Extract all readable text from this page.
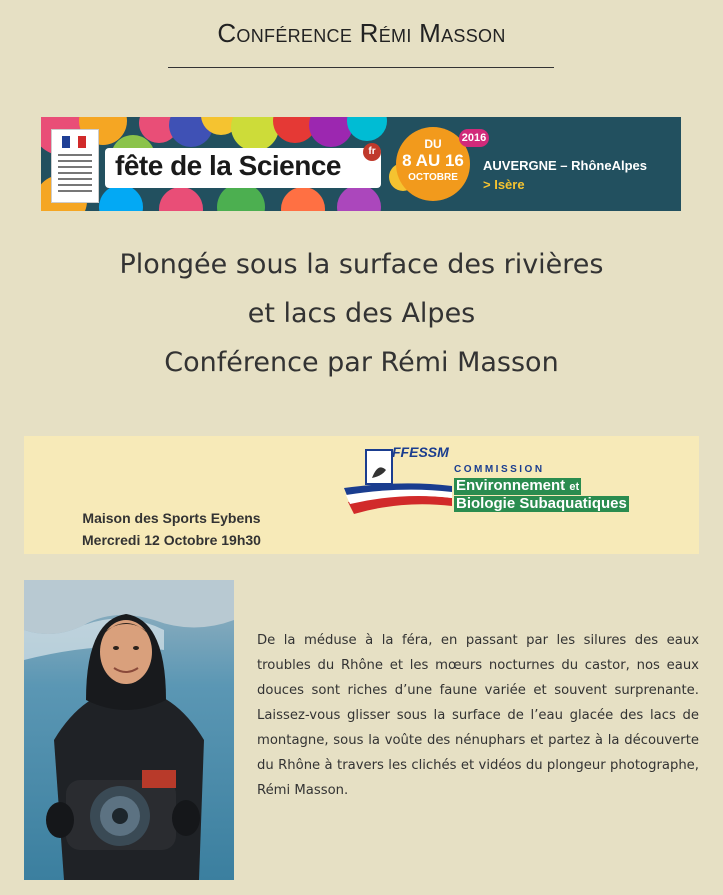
Conférence Rémi Masson
fête de la Science	fr
DU
8 AU 16
OCTOBRE
2016
AUVERGNE – RhôneAlpes
> Isère
Plongée sous la surface des rivières
et lacs des Alpes
Conférence par Rémi Masson
Maison des Sports Eybens
Mercredi 12 Octobre 19h30
FFESSM
COMMISSION
Environnement et
Biologie Subaquatiques
De la méduse à la féra, en passant par les silures des eaux troubles du Rhône et les mœurs nocturnes du castor, nos eaux douces sont riches d’une faune variée et souvent surprenante. Laissez-vous glisser sous la surface de l’eau glacée des lacs de montagne, sous la voûte des nénuphars et partez à la découverte du Rhône à travers les clichés et vidéos du plongeur photographe, Rémi Masson.
